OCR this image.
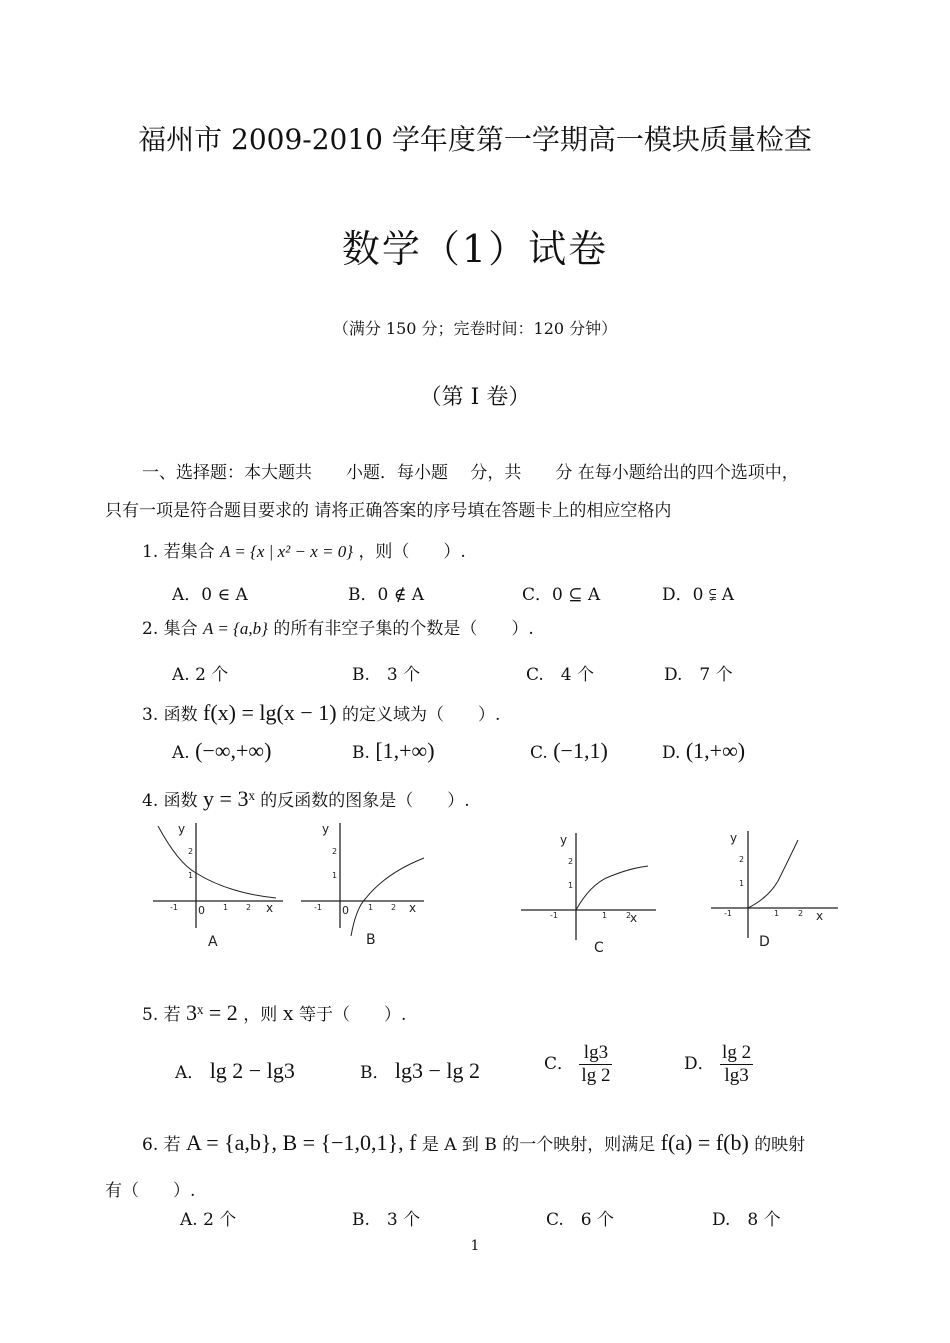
福州市 2009-2010 学年度第一学期高一模块质量检查
数学（1）试卷
（满分 150 分；完卷时间：120 分钟）
（第 I 卷）
一、选择题：本大题共　　小题．每小题　 分，共　　分 在每小题给出的四个选项中，
只有一项是符合题目要求的 请将正确答案的序号填在答题卡上的相应空格内
1. 若集合 A = {x | x² − x = 0} ，则（　　）.
A．0 ∈ A	B．0 ∉ A	C．0 ⊆ A	D．0 ⫋ A
2. 集合 A = {a,b} 的所有非空子集的个数是（　　）.
A. 2 个	B.　3 个	C.　4 个	D.　7 个
3. 函数 f(x) = lg(x − 1) 的定义域为（　　）.
A. (−∞,+∞)	B. [1,+∞)	C. (−1,1)	D. (1,+∞)
4. 函数 y = 3ˣ 的反函数的图象是（　　）.
y
x
0
-1	1 2
1
2
A
y
x
0
-1	1 2
1
2
B
y
x
-1	1 2
1
2
C
y
x
-1	1 2
1
2
D
5. 若 3ˣ = 2 ，则 x 等于（　　）.
A． lg 2 − lg3	B． lg3 − lg 2	C． $\frac{\lg 3}{\lg 2}$	D． $\frac{\lg 2}{\lg 3}$
6. 若 A = {a,b}, B = {−1,0,1}, f 是 A 到 B 的一个映射，则满足 f(a) = f(b) 的映射
有（　　）.
A. 2 个	B.　3 个	C.　6 个	D.　8 个
1
